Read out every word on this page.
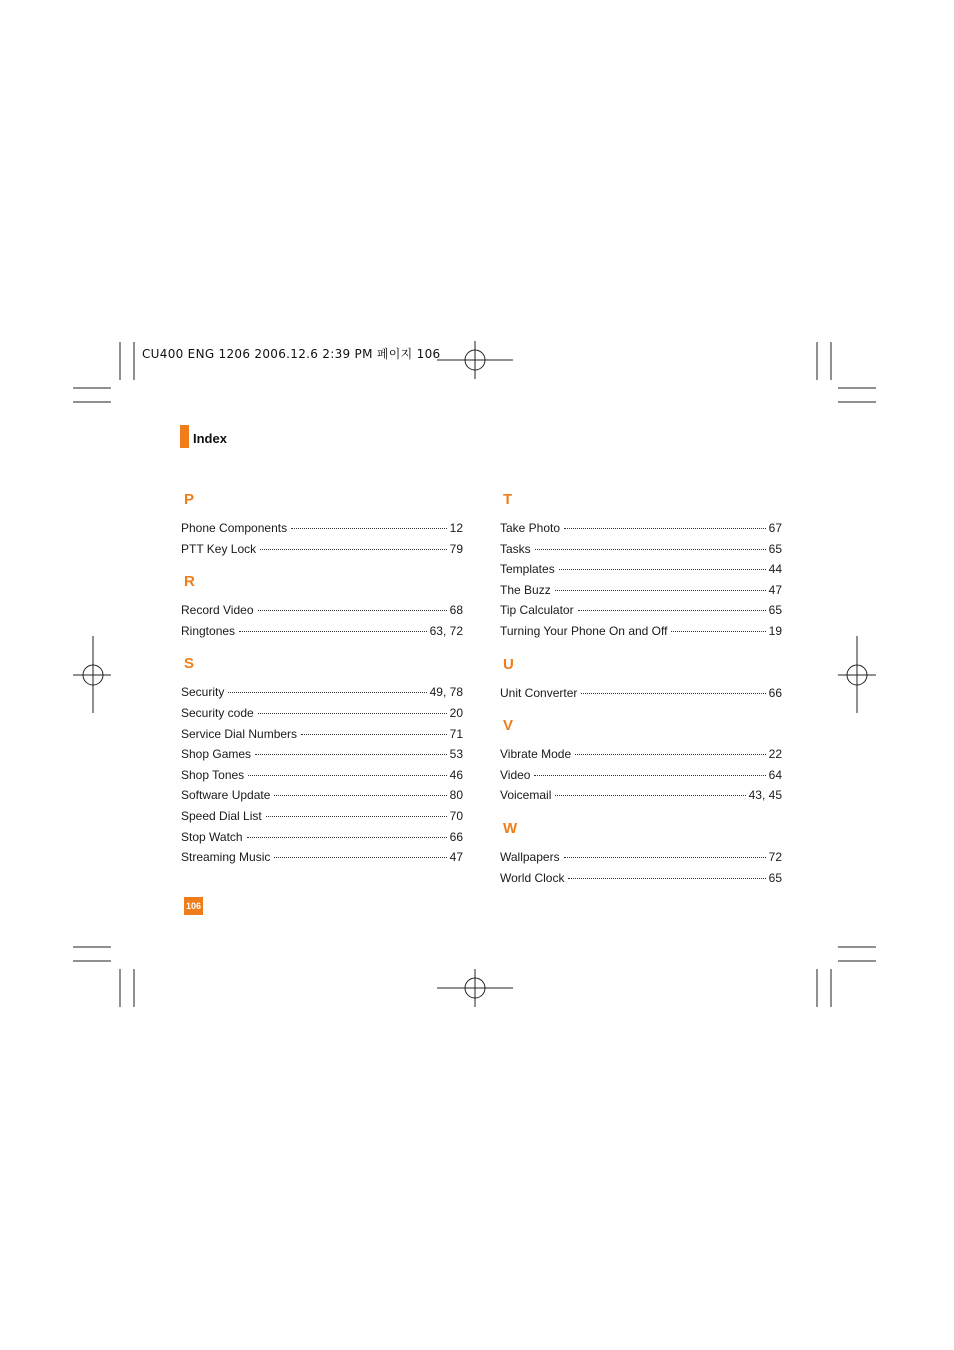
CU400 ENG 1206 2006.12.6 2:39 PM 페이지 106
Index
P
Phone Components	12
PTT Key Lock	79
R
Record Video	68
Ringtones	63, 72
S
Security	49, 78
Security code	20
Service Dial Numbers	71
Shop Games	53
Shop Tones	46
Software Update	80
Speed Dial List	70
Stop Watch	66
Streaming Music	47
T
Take Photo	67
Tasks	65
Templates	44
The Buzz	47
Tip Calculator	65
Turning Your Phone On and Off	19
U
Unit Converter	66
V
Vibrate Mode	22
Video	64
Voicemail	43, 45
W
Wallpapers	72
World Clock	65
106
